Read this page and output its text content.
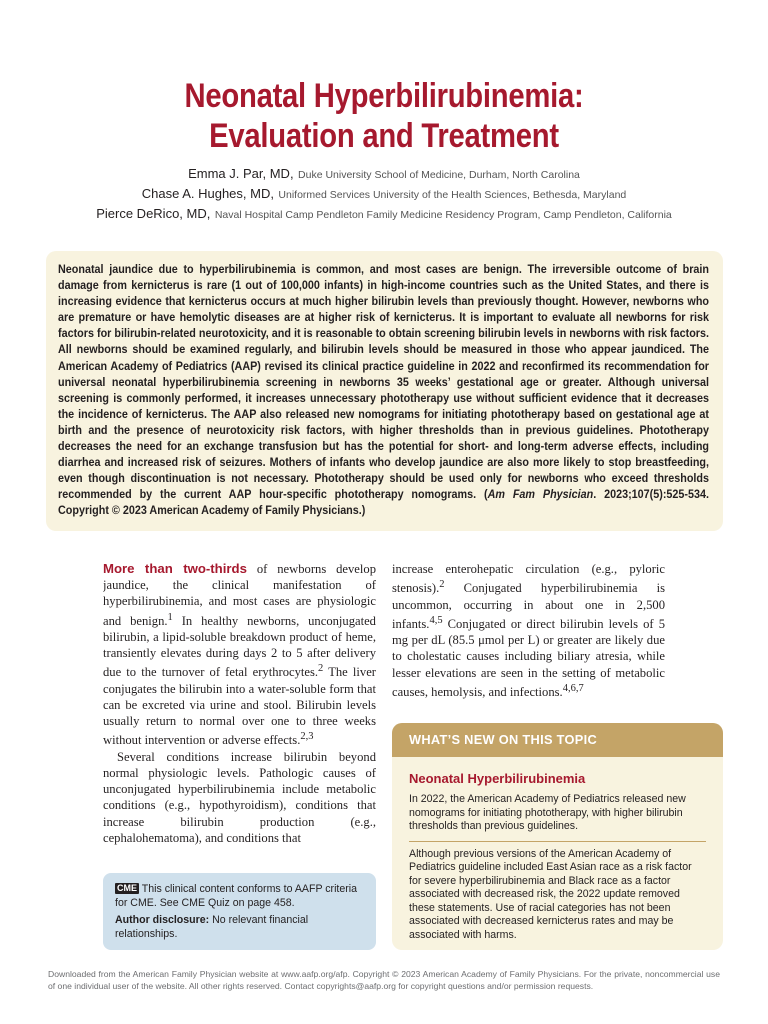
Neonatal Hyperbilirubinemia:
Evaluation and Treatment
Emma J. Par, MD, Duke University School of Medicine, Durham, North Carolina
Chase A. Hughes, MD, Uniformed Services University of the Health Sciences, Bethesda, Maryland
Pierce DeRico, MD, Naval Hospital Camp Pendleton Family Medicine Residency Program, Camp Pendleton, California

Neonatal jaundice due to hyperbilirubinemia is common, and most cases are benign. The irreversible outcome of brain damage from kernicterus is rare (1 out of 100,000 infants) in high-income countries such as the United States, and there is increasing evidence that kernicterus occurs at much higher bilirubin levels than previously thought. However, newborns who are premature or have hemolytic diseases are at higher risk of kernicterus. It is important to evaluate all newborns for risk factors for bilirubin-related neurotoxicity, and it is reasonable to obtain screening bilirubin levels in newborns with risk factors. All newborns should be examined regularly, and bilirubin levels should be measured in those who appear jaundiced. The American Academy of Pediatrics (AAP) revised its clinical practice guideline in 2022 and reconfirmed its recommendation for universal neonatal hyperbilirubinemia screening in newborns 35 weeks’ gestational age or greater. Although universal screening is commonly performed, it increases unnecessary phototherapy use without sufficient evidence that it decreases the incidence of kernicterus. The AAP also released new nomograms for initiating phototherapy based on gestational age at birth and the presence of neurotoxicity risk factors, with higher thresholds than in previous guidelines. Phototherapy decreases the need for an exchange transfusion but has the potential for short- and long-term adverse effects, including diarrhea and increased risk of seizures. Mothers of infants who develop jaundice are also more likely to stop breastfeeding, even though discontinuation is not necessary. Phototherapy should be used only for newborns who exceed thresholds recommended by the current AAP hour-specific phototherapy nomograms. (Am Fam Physician. 2023;107(5):525-534. Copyright © 2023 American Academy of Family Physicians.)

More than two-thirds of newborns develop jaundice, the clinical manifestation of hyperbilirubinemia, and most cases are physiologic and benign.$^1$ In healthy newborns, unconjugated bilirubin, a lipid-soluble breakdown product of heme, transiently elevates during days 2 to 5 after delivery due to the turnover of fetal erythrocytes.$^2$ The liver conjugates the bilirubin into a water-soluble form that can be excreted via urine and stool. Bilirubin levels usually return to normal over one to three weeks without intervention or adverse effects.$^{2,3}$

Several conditions increase bilirubin beyond normal physiologic levels. Pathologic causes of unconjugated hyperbilirubinemia include metabolic conditions (e.g., hypothyroidism), conditions that increase bilirubin production (e.g., cephalohematoma), and conditions that

increase enterohepatic circulation (e.g., pyloric stenosis).$^2$ Conjugated hyperbilirubinemia is uncommon, occurring in about one in 2,500 infants.$^{4,5}$ Conjugated or direct bilirubin levels of 5 mg per dL (85.5 μmol per L) or greater are likely due to cholestatic causes including biliary atresia, while lesser elevations are seen in the setting of metabolic causes, hemolysis, and infections.$^{4,6,7}$

CME This clinical content conforms to AAFP criteria for CME. See CME Quiz on page 458.
Author disclosure: No relevant financial relationships.
WHAT’S NEW ON THIS TOPIC
Neonatal Hyperbilirubinemia

In 2022, the American Academy of Pediatrics released new nomograms for initiating phototherapy, with higher bilirubin thresholds than previous guidelines.

Although previous versions of the American Academy of Pediatrics guideline included East Asian race as a risk factor for severe hyperbilirubinemia and Black race as a factor associated with decreased risk, the 2022 update removed these statements. Use of racial categories has not been associated with decreased kernicterus rates and may be associated with harms.

Downloaded from the American Family Physician website at www.aafp.org/afp. Copyright © 2023 American Academy of Family Physicians. For the private, noncommercial use of one individual user of the website. All other rights reserved. Contact copyrights@aafp.org for copyright questions and/or permission requests.
